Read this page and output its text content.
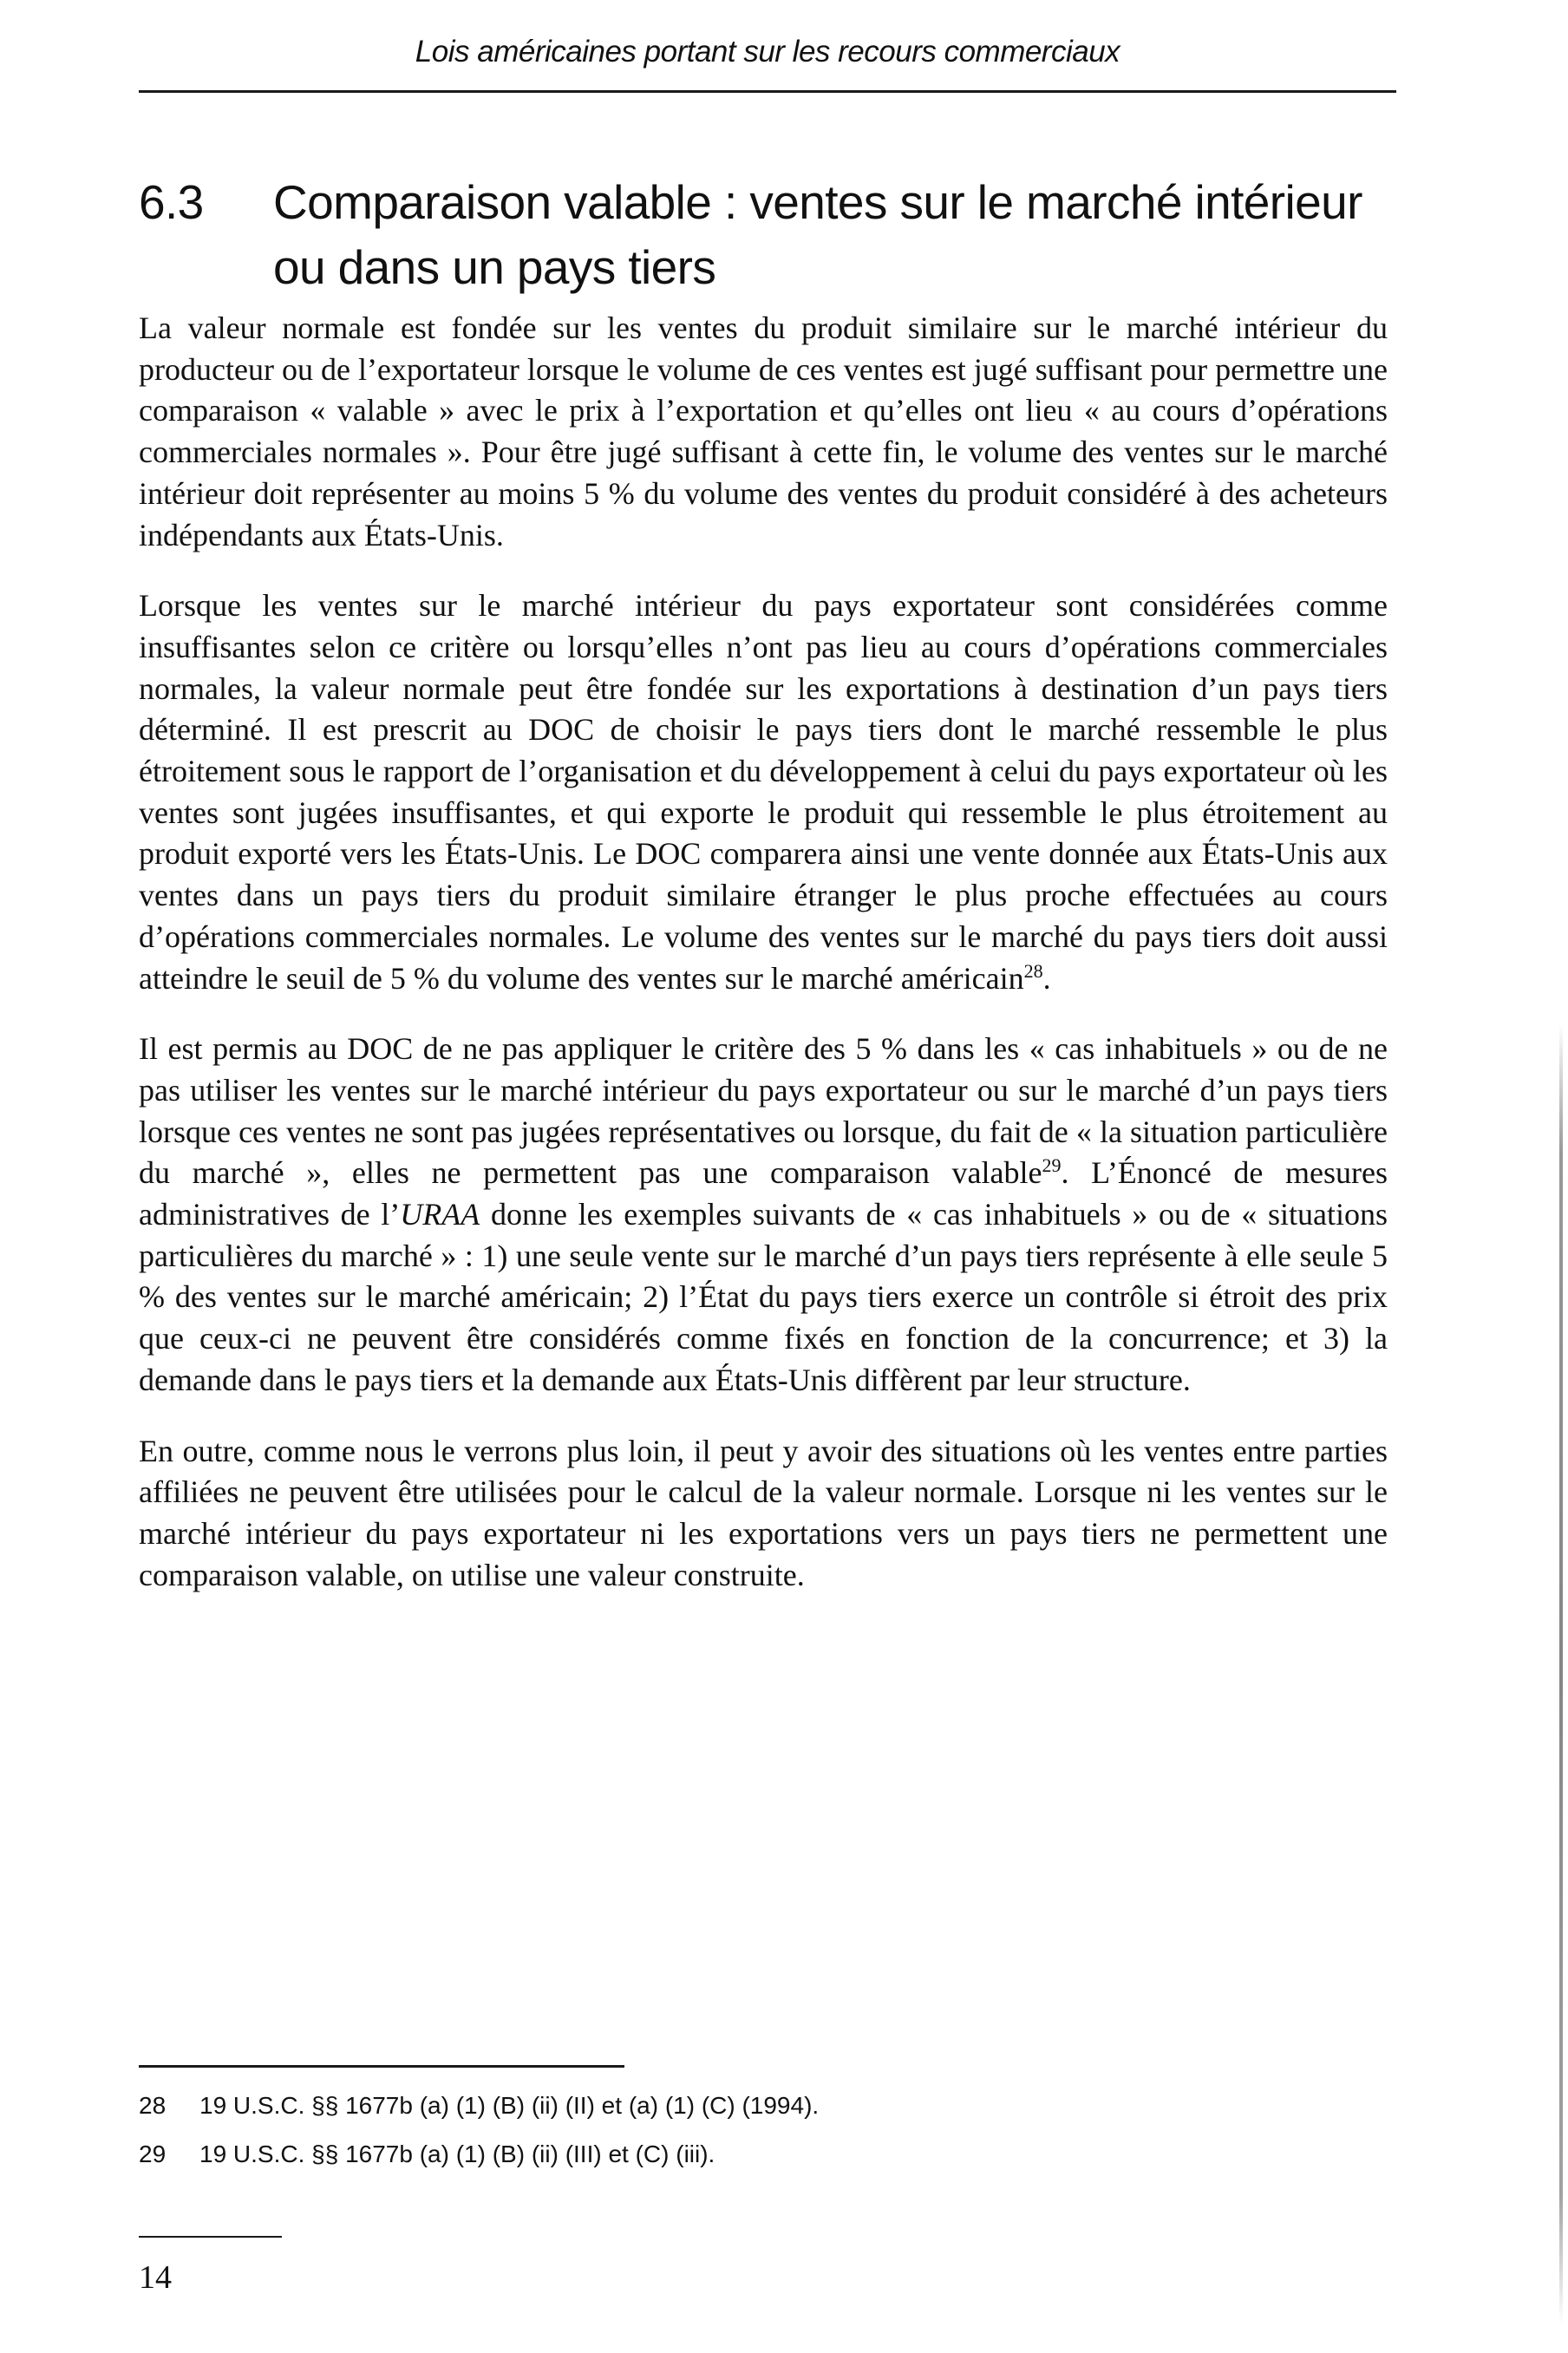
Lois américaines portant sur les recours commerciaux
6.3 Comparaison valable : ventes sur le marché intérieur ou dans un pays tiers

La valeur normale est fondée sur les ventes du produit similaire sur le marché intérieur du producteur ou de l’exportateur lorsque le volume de ces ventes est jugé suffisant pour permettre une comparaison « valable » avec le prix à l’exportation et qu’elles ont lieu « au cours d’opérations commerciales normales ». Pour être jugé suffisant à cette fin, le volume des ventes sur le marché intérieur doit représenter au moins 5 % du volume des ventes du produit considéré à des acheteurs indépendants aux États-Unis.

Lorsque les ventes sur le marché intérieur du pays exportateur sont considérées comme insuffisantes selon ce critère ou lorsqu’elles n’ont pas lieu au cours d’opérations commerciales normales, la valeur normale peut être fondée sur les exportations à destination d’un pays tiers déterminé. Il est prescrit au DOC de choisir le pays tiers dont le marché ressemble le plus étroitement sous le rapport de l’organisation et du développement à celui du pays exportateur où les ventes sont jugées insuffisantes, et qui exporte le produit qui ressemble le plus étroitement au produit exporté vers les États-Unis. Le DOC comparera ainsi une vente donnée aux États-Unis aux ventes dans un pays tiers du produit similaire étranger le plus proche effectuées au cours d’opérations commerciales normales. Le volume des ventes sur le marché du pays tiers doit aussi atteindre le seuil de 5 % du volume des ventes sur le marché américain$^{28}$.

Il est permis au DOC de ne pas appliquer le critère des 5 % dans les « cas inhabituels » ou de ne pas utiliser les ventes sur le marché intérieur du pays exportateur ou sur le marché d’un pays tiers lorsque ces ventes ne sont pas jugées représentatives ou lorsque, du fait de « la situation particulière du marché », elles ne permettent pas une comparaison valable$^{29}$. L’Énoncé de mesures administratives de l’URAA donne les exemples suivants de « cas inhabituels » ou de « situations particulières du marché » : 1) une seule vente sur le marché d’un pays tiers représente à elle seule 5 % des ventes sur le marché américain; 2) l’État du pays tiers exerce un contrôle si étroit des prix que ceux-ci ne peuvent être considérés comme fixés en fonction de la concurrence; et 3) la demande dans le pays tiers et la demande aux États-Unis diffèrent par leur structure.

En outre, comme nous le verrons plus loin, il peut y avoir des situations où les ventes entre parties affiliées ne peuvent être utilisées pour le calcul de la valeur normale. Lorsque ni les ventes sur le marché intérieur du pays exportateur ni les exportations vers un pays tiers ne permettent une comparaison valable, on utilise une valeur construite.

28	19 U.S.C. §§ 1677b (a) (1) (B) (ii) (II) et (a) (1) (C) (1994).
29	19 U.S.C. §§ 1677b (a) (1) (B) (ii) (III) et (C) (iii).
14
